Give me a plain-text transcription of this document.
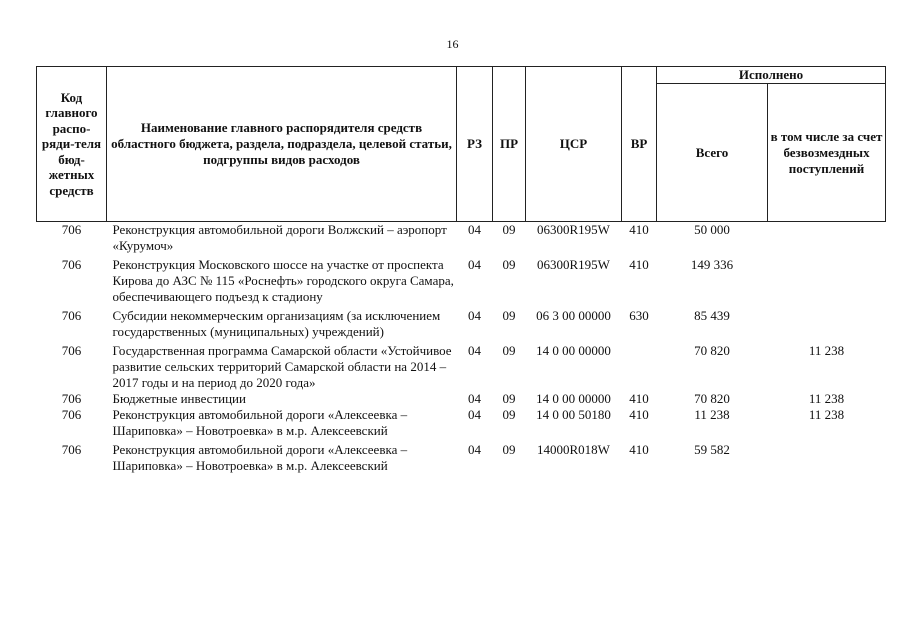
16
Код главного распо-ряди-теля бюд-жетных средств	Наименование главного распорядителя средств областного бюджета, раздела, подраздела, целевой статьи, подгруппы видов расходов	РЗ	ПР	ЦСР	ВР	Исполнено	
						Всего	в том числе за счет безвозмездных поступлений
706	Реконструкция автомобильной дороги Волжский – аэропорт «Курумоч»	04	09	06300R195W	410	50 000	
706	Реконструкция Московского шоссе на участке от проспекта Кирова до АЗС № 115 «Роснефть» городского округа Самара, обеспечивающего подъезд к стадиону	04	09	06300R195W	410	149 336	
706	Субсидии некоммерческим организациям (за исключением государственных (муниципальных) учреждений)	04	09	06 3 00 00000	630	85 439	
706	Государственная программа Самарской области «Устойчивое развитие сельских территорий Самарской области на 2014 – 2017 годы и на период до 2020 года»	04	09	14 0 00 00000		70 820	11 238
706	Бюджетные инвестиции	04	09	14 0 00 00000	410	70 820	11 238
706	Реконструкция автомобильной дороги «Алексеевка – Шариповка» – Новотроевка» в м.р. Алексеевский	04	09	14 0 00 50180	410	11 238	11 238
706	Реконструкция автомобильной дороги «Алексеевка – Шариповка» – Новотроевка» в м.р. Алексеевский	04	09	14000R018W	410	59 582	
